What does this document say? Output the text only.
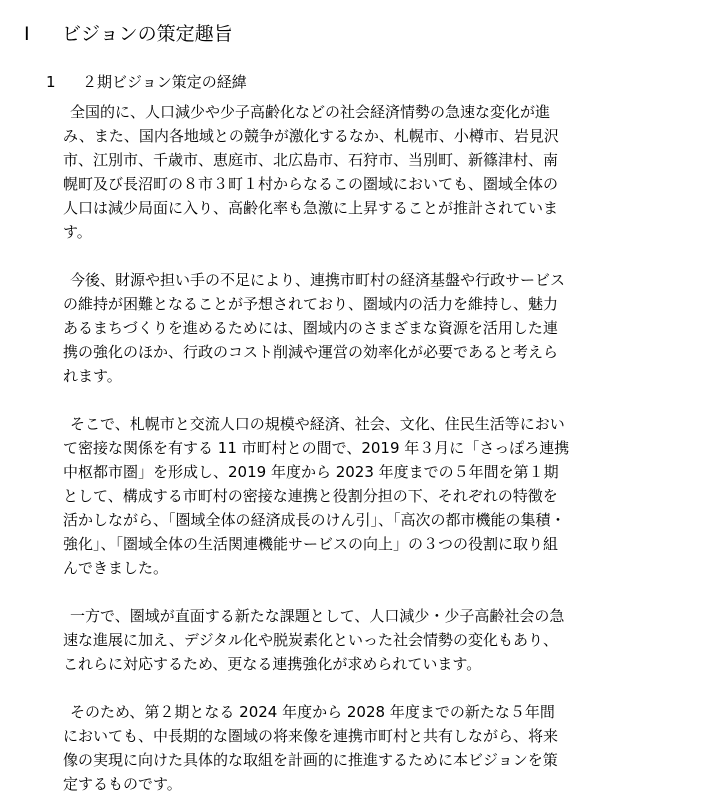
I ビジョンの策定趣旨
1 ２期ビジョン策定の経緯
全国的に、人口減少や少子高齢化などの社会経済情勢の急速な変化が進
み、また、国内各地域との競争が激化するなか、札幌市、小樽市、岩見沢
市、江別市、千歳市、恵庭市、北広島市、石狩市、当別町、新篠津村、南
幌町及び長沼町の８市３町１村からなるこの圏域においても、圏域全体の
人口は減少局面に入り、高齢化率も急激に上昇することが推計されていま
す。
今後、財源や担い手の不足により、連携市町村の経済基盤や行政サービス
の維持が困難となることが予想されており、圏域内の活力を維持し、魅力
あるまちづくりを進めるためには、圏域内のさまざまな資源を活用した連
携の強化のほか、行政のコスト削減や運営の効率化が必要であると考えら
れます。
そこで、札幌市と交流人口の規模や経済、社会、文化、住民生活等におい
て密接な関係を有する 11 市町村との間で、2019 年３月に「さっぽろ連携
中枢都市圏」を形成し、2019 年度から 2023 年度までの５年間を第１期
として、構成する市町村の密接な連携と役割分担の下、それぞれの特徴を
活かしながら、「圏域全体の経済成長のけん引」、「高次の都市機能の集積・
強化」、「圏域全体の生活関連機能サービスの向上」の３つの役割に取り組
んできました。
一方で、圏域が直面する新たな課題として、人口減少・少子高齢社会の急
速な進展に加え、デジタル化や脱炭素化といった社会情勢の変化もあり、
これらに対応するため、更なる連携強化が求められています。
そのため、第２期となる 2024 年度から 2028 年度までの新たな５年間
においても、中長期的な圏域の将来像を連携市町村と共有しながら、将来
像の実現に向けた具体的な取組を計画的に推進するために本ビジョンを策
定するものです。
